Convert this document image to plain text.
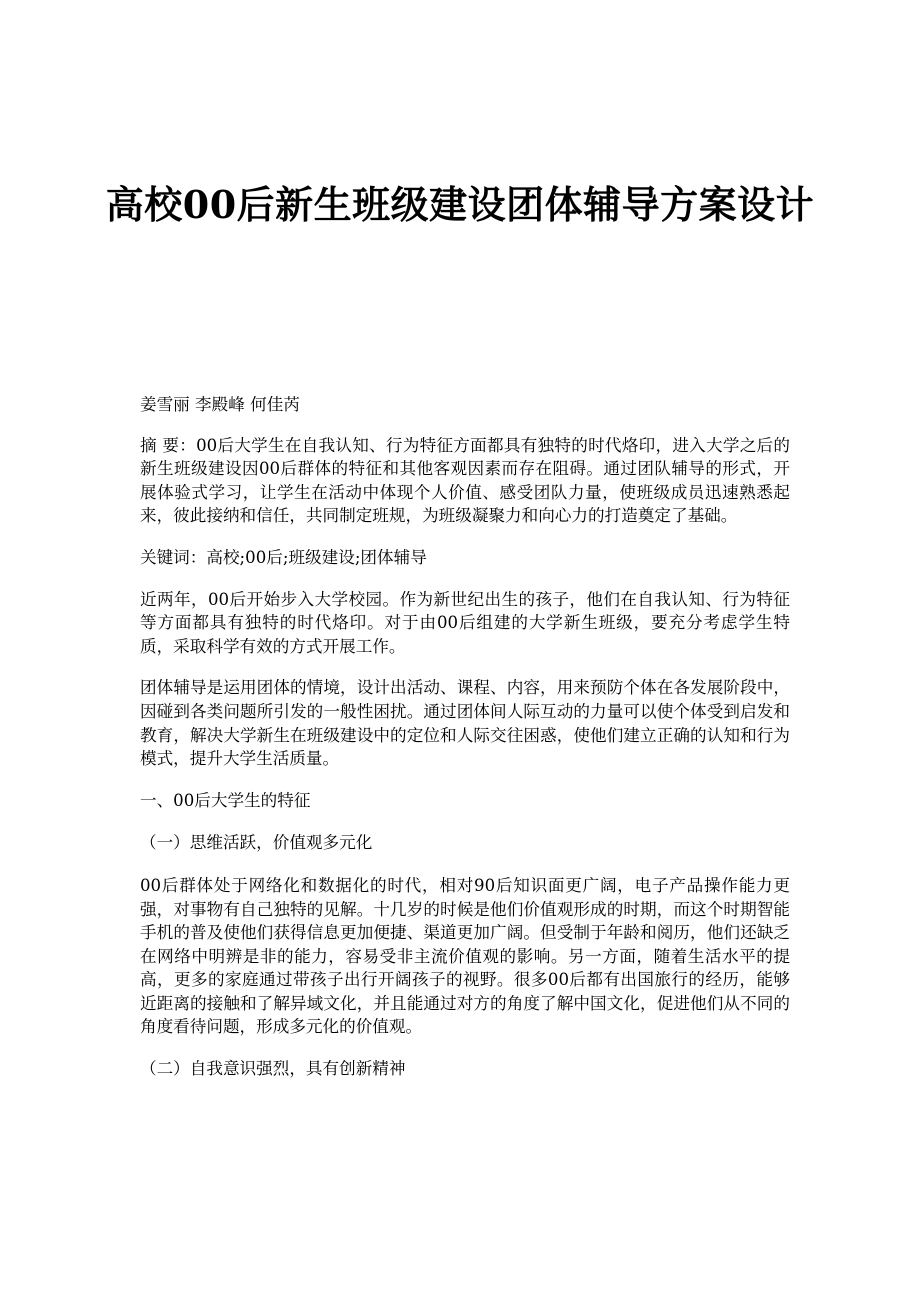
高校00后新生班级建设团体辅导方案设计

姜雪丽 李殿峰 何佳芮

摘 要：00后大学生在自我认知、行为特征方面都具有独特的时代烙印，进入大学之后的新生班级建设因00后群体的特征和其他客观因素而存在阻碍。通过团队辅导的形式，开展体验式学习，让学生在活动中体现个人价值、感受团队力量，使班级成员迅速熟悉起来，彼此接纳和信任，共同制定班规，为班级凝聚力和向心力的打造奠定了基础。

关键词：高校;00后;班级建设;团体辅导

近两年，00后开始步入大学校园。作为新世纪出生的孩子，他们在自我认知、行为特征等方面都具有独特的时代烙印。对于由00后组建的大学新生班级，要充分考虑学生特质，采取科学有效的方式开展工作。

团体辅导是运用团体的情境，设计出活动、课程、内容，用来预防个体在各发展阶段中，因碰到各类问题所引发的一般性困扰。通过团体间人际互动的力量可以使个体受到启发和教育，解决大学新生在班级建设中的定位和人际交往困惑，使他们建立正确的认知和行为模式，提升大学生活质量。

一、00后大学生的特征

（一）思维活跃，价值观多元化

00后群体处于网络化和数据化的时代，相对90后知识面更广阔，电子产品操作能力更强，对事物有自己独特的见解。十几岁的时候是他们价值观形成的时期，而这个时期智能手机的普及使他们获得信息更加便捷、渠道更加广阔。但受制于年龄和阅历，他们还缺乏在网络中明辨是非的能力，容易受非主流价值观的影响。另一方面，随着生活水平的提高，更多的家庭通过带孩子出行开阔孩子的视野。很多00后都有出国旅行的经历，能够近距离的接触和了解异域文化，并且能通过对方的角度了解中国文化，促进他们从不同的角度看待问题，形成多元化的价值观。

（二）自我意识强烈，具有创新精神
